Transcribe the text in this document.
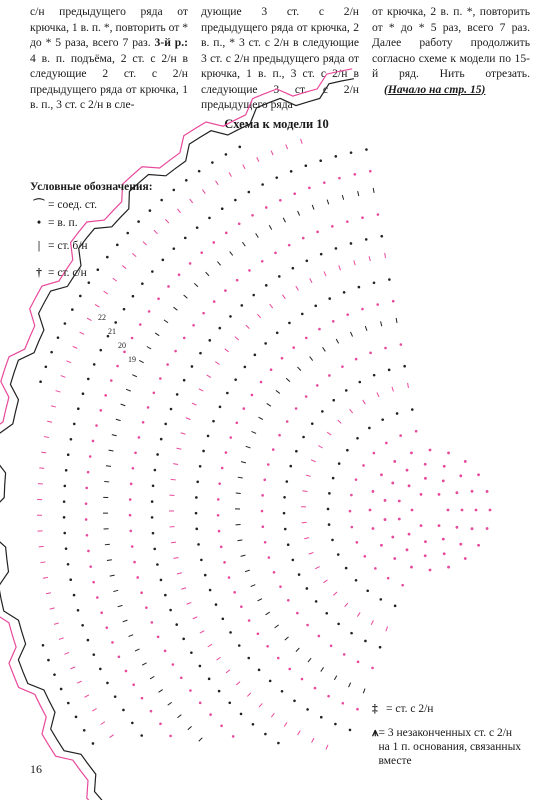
с/н предыдущего ряда от крючка, 1 в. п. *, повторить от * до * 5 раза, всего 7 раз. 3-й р.: 4 в. п. подъёма, 2 ст. с 2/н в следующие 2 ст. с 2/н предыдущего ряда от крючка, 1 в. п., 3 ст. с 2/н в сле-
дующие 3 ст. с 2/н предыдущего ряда от крючка, 2 в. п., * 3 ст. с 2/н в следующие 3 ст. с 2/н предыдущего ряда от крючка, 1 в. п., 3 ст. с 2/н в следующие 3 ст. с 2/н предыдущего ряда
от крючка, 2 в. п. *, повторить от * до * 5 раз, всего 7 раз. Далее работу продолжить согласно схеме к модели по 15-й ряд. Нить отрезать. (Начало на стр. 15)
Схема к модели 10
22
21
20
19
Условные обозначения:
⌒ = соед. ст.
• = в. п.
| = ст. б/н
† = ст. с/н
‡ = ст. с 2/н
⩚ = 3 незаконченных ст. с 2/н на 1 п. основания, связанных вместе
16
